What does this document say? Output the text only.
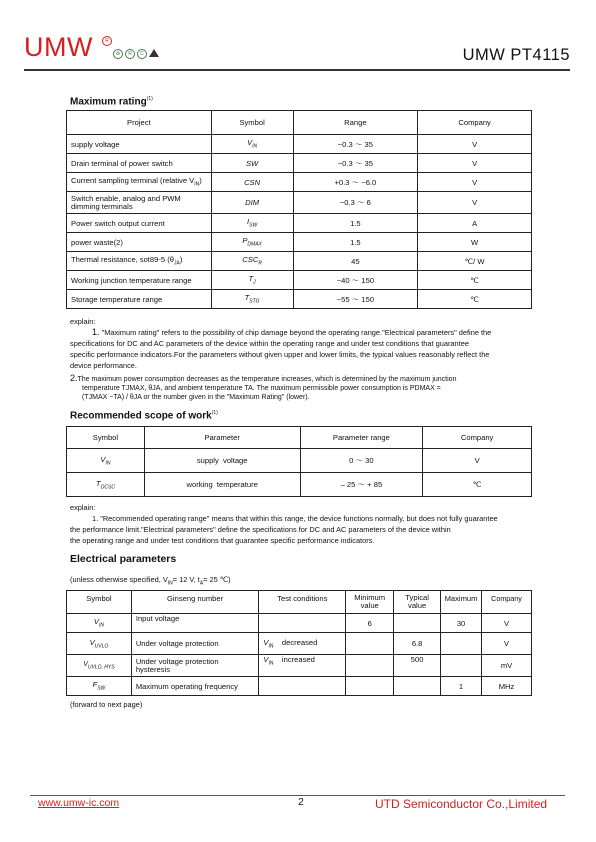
UMW	R
♻	R	C	UMW PT4115
Maximum rating$^{(1)}$
Project	Symbol	Range	Company
supply voltage	$V_{IN}$	−0.3 ～ 35	V
Drain terminal of power switch	SW	−0.3 ～ 35	V
Current sampling terminal (relative $V_{IN}$)	CSN	+0.3 ～ −6.0	V
Switch enable, analog and PWM dimming terminals	DIM	−0.3 ～ 6	V
Power switch output current	$I_{SW}$	1.5	A
power waste(2)	$P_{DMAX}$	1.5	W
Thermal resistance, sot89-5 $(\theta_{JA})$	$CSC_R$	45	℃/ W
Working junction temperature range	$T_J$	−40 ～ 150	℃
Storage temperature range	$T_{STG}$	−55 ～ 150	℃
explain:
1. "Maximum rating" refers to the possibility of chip damage beyond the operating range."Electrical parameters" define the
specifications for DC and AC parameters of the device within the operating range and under test conditions that guarantee
specific performance indicators.For the parameters without given upper and lower limits, the typical values reasonably reflect the
device performance.
2.The maximum power consumption decreases as the temperature increases, which is determined by the maximum junction
temperature TJMAX, θJA, and ambient temperature TA. The maximum permissible power consumption is PDMAX =
(TJMAX −TA) / θJA or the number given in the "Maximum Rating" (lower).
Recommended scope of work$^{(1)}$
Symbol	Parameter	Parameter range	Company
$V_{IN}$	supply voltage	0 ～ 30	V
$T_{OCSC}$	working temperature	– 25 ～ + 85	℃
explain:
1. "Recommended operating range" means that within this range, the device functions normally, but does not fully guarantee
the performance limit."Electrical parameters" define the specifications for DC and AC parameters of the device within
the operating range and under test conditions that guarantee specific performance indicators.
Electrical parameters
(unless otherwise specified, $V_{IN}= 12$ V, $t_A= 25$ ℃)
Symbol	Ginseng number	Test conditions	Minimum value	Typical value	Maximum	Company
$V_{IN}$	Input voltage		6		30	V
$V_{UVLO}$	Under voltage protection	$V_{IN}$ decreased		6.8		V
$V_{UVLO, HYS}$	Under voltage protection hysteresis	$V_{IN}$ increased		500		mV
$F_{SW}$	Maximum operating frequency				1	MHz
(forward to next page)
www.umw-ic.com	2	UTD Semiconductor Co.,Limited
